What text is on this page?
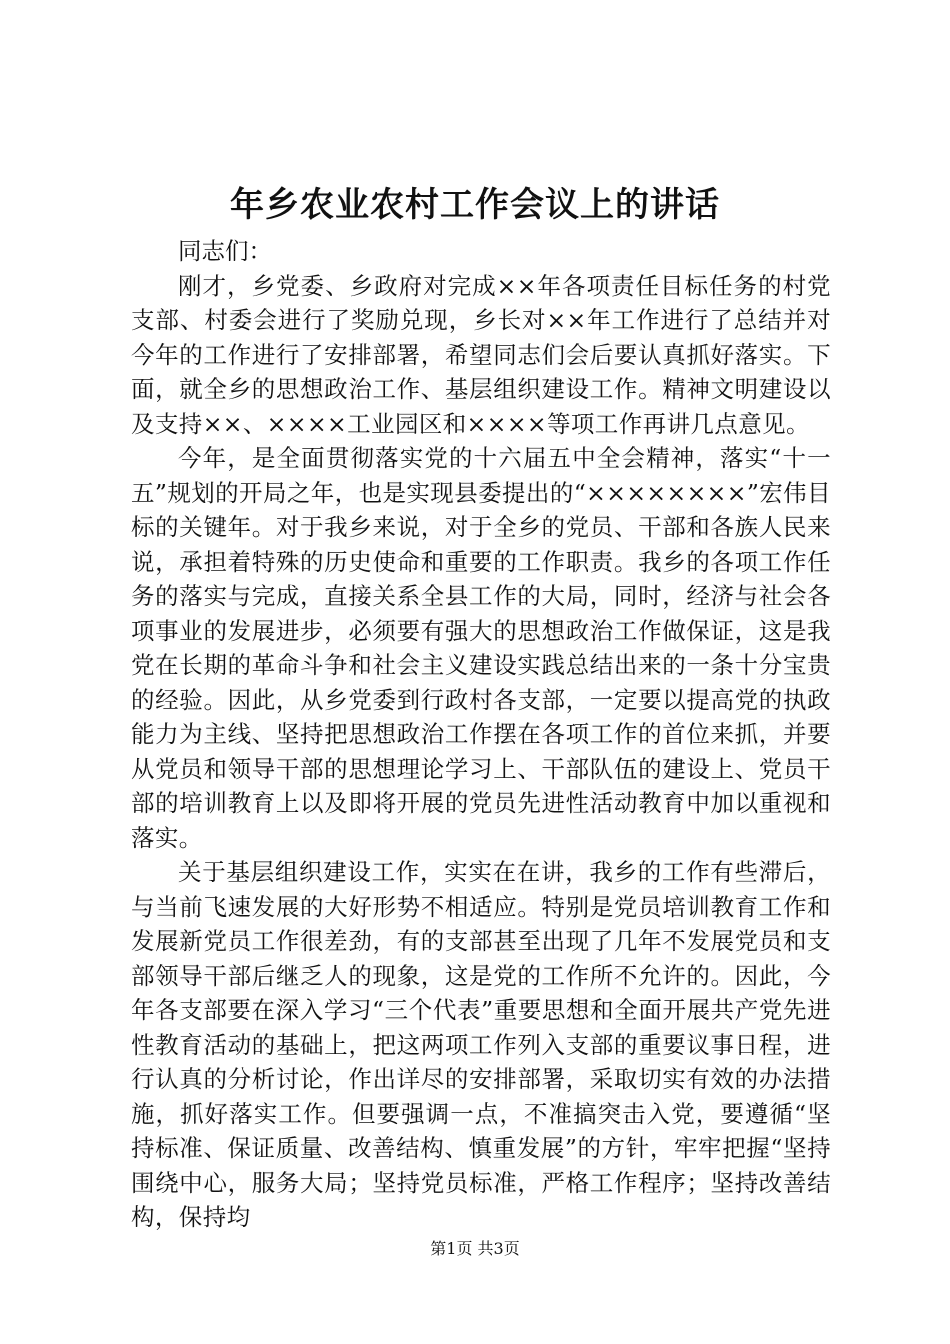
年乡农业农村工作会议上的讲话

同志们：

刚才，乡党委、乡政府对完成××年各项责任目标任务的村党支部、村委会进行了奖励兑现，乡长对××年工作进行了总结并对今年的工作进行了安排部署，希望同志们会后要认真抓好落实。下面，就全乡的思想政治工作、基层组织建设工作。精神文明建设以及支持××、××××工业园区和××××等项工作再讲几点意见。

今年，是全面贯彻落实党的十六届五中全会精神，落实“十一五”规划的开局之年，也是实现县委提出的“××××××××”宏伟目标的关键年。对于我乡来说，对于全乡的党员、干部和各族人民来说，承担着特殊的历史使命和重要的工作职责。我乡的各项工作任务的落实与完成，直接关系全县工作的大局，同时，经济与社会各项事业的发展进步，必须要有强大的思想政治工作做保证，这是我党在长期的革命斗争和社会主义建设实践总结出来的一条十分宝贵的经验。因此，从乡党委到行政村各支部，一定要以提高党的执政能力为主线、坚持把思想政治工作摆在各项工作的首位来抓，并要从党员和领导干部的思想理论学习上、干部队伍的建设上、党员干部的培训教育上以及即将开展的党员先进性活动教育中加以重视和落实。

关于基层组织建设工作，实实在在讲，我乡的工作有些滞后，与当前飞速发展的大好形势不相适应。特别是党员培训教育工作和发展新党员工作很差劲，有的支部甚至出现了几年不发展党员和支部领导干部后继乏人的现象，这是党的工作所不允许的。因此，今年各支部要在深入学习“三个代表”重要思想和全面开展共产党先进性教育活动的基础上，把这两项工作列入支部的重要议事日程，进行认真的分析讨论，作出详尽的安排部署，采取切实有效的办法措施，抓好落实工作。但要强调一点，不准搞突击入党，要遵循“坚持标准、保证质量、改善结构、慎重发展”的方针，牢牢把握“坚持围绕中心，服务大局；坚持党员标准，严格工作程序；坚持改善结构，保持均

第1页 共3页
